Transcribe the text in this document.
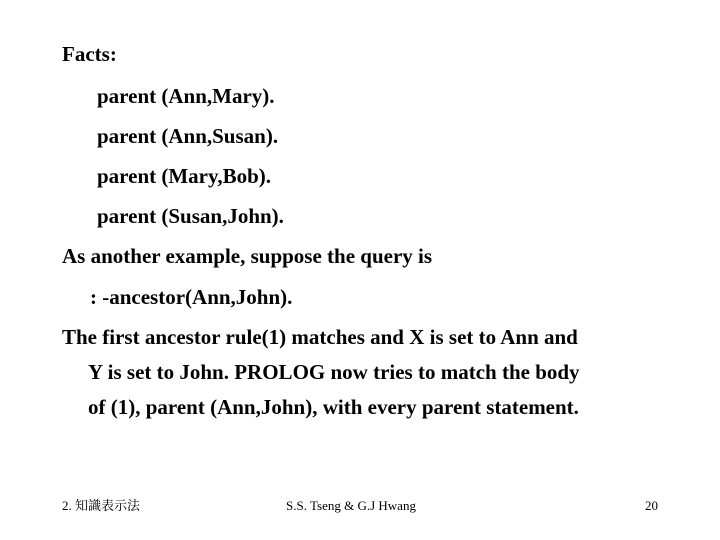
Facts:
parent (Ann,Mary).
parent (Ann,Susan).
parent (Mary,Bob).
parent (Susan,John).
As another example, suppose the query is
: -ancestor(Ann,John).
The first ancestor rule(1) matches and X is set to Ann and
Y is set to John. PROLOG now tries to match the body
of (1), parent (Ann,John), with every parent statement.
2. 知識表示法	S.S. Tseng & G.J Hwang	20
